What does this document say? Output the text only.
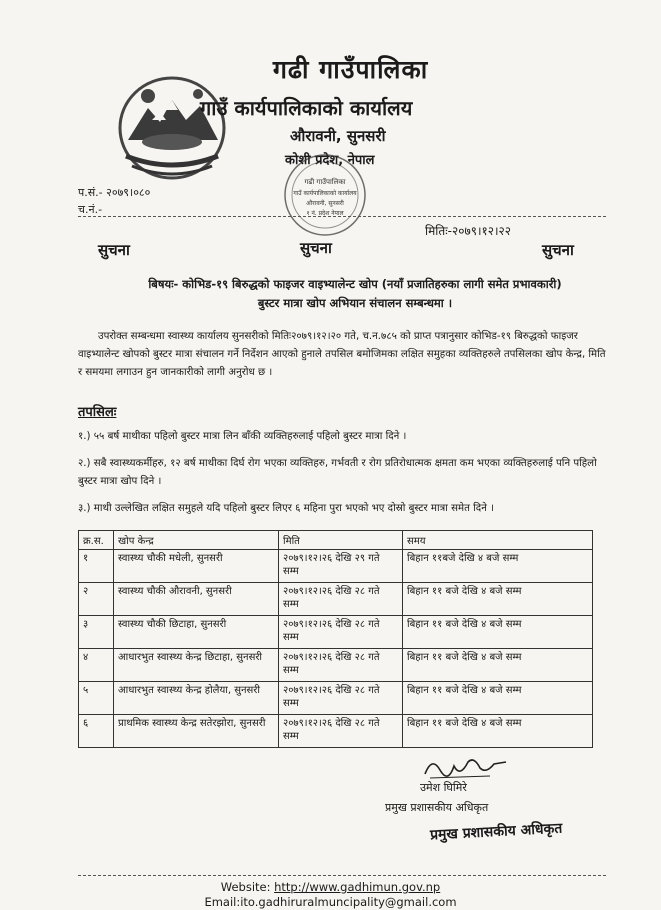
गढी गाउँपालिका
गाउँ कार्यपालिकाको कार्यालय
औरावनी, सुनसरी
कोशी प्रदेश, नेपाल
गढी गाउँपालिका
गाउँ कार्यपालिकाको कार्यालय
औरावनी, सुनसरी
१ नं. प्रदेश नेपाल
प.सं.- २०७९।०८०
च.नं.-
मितिः-२०७९।१२।२२
सुचना	सुचना	सुचना
बिषयः- कोभिड-१९ बिरुद्धको फाइजर वाइभ्यालेन्ट खोप (नयाँ प्रजातिहरुका लागी समेत प्रभावकारी)
बुस्टर मात्रा खोप अभियान संचालन सम्बन्धमा ।
उपरोक्त सम्बन्धमा स्वास्थ्य कार्यालय सुनसरीको मितिः२०७९।१२।२० गते, च.न.७८५ को प्राप्त पत्रानुसार कोभिड-१९ बिरुद्धको फाइजर वाइभ्यालेन्ट खोपको बुस्टर मात्रा संचालन गर्ने निर्देशन आएको हुनाले तपसिल बमोजिमका लक्षित समुहका व्यक्तिहरुले तपसिलका खोप केन्द्र, मिति र समयमा लगाउन हुन जानकारीको लागी अनुरोध छ ।
तपसिलः
१.) ५५ बर्ष माथीका पहिलो बुस्टर मात्रा लिन बाँकी व्यक्तिहरुलाई पहिलो बुस्टर मात्रा दिने ।
२.) सबै स्वास्थ्यकर्मीहरु, १२ बर्ष माथीका दिर्घ रोग भएका व्यक्तिहरु, गर्भवती र रोग प्रतिरोधात्मक क्षमता कम भएका व्यक्तिहरुलाई पनि पहिलो बुस्टर मात्रा खोप दिने ।
३.) माथी उल्लेखित लक्षित समुहले यदि पहिलो बुस्टर लिएर ६ महिना पुरा भएको भए दोस्रो बुस्टर मात्रा समेत दिने ।
क्र.स.	खोप केन्द्र	मिति	समय
१	स्वास्थ्य चौकी मधेली, सुनसरी	२०७९।१२।२६ देखि २९ गते सम्म	बिहान ११बजे देखि ४ बजे सम्म
२	स्वास्थ्य चौकी औरावनी, सुनसरी	२०७९।१२।२६ देखि २८ गते सम्म	बिहान ११ बजे देखि ४ बजे सम्म
३	स्वास्थ्य चौकी छिटाहा, सुनसरी	२०७९।१२।२६ देखि २८ गते सम्म	बिहान ११ बजे देखि ४ बजे सम्म
४	आधारभुत स्वास्थ्य केन्द्र छिटाहा, सुनसरी	२०७९।१२।२६ देखि २८ गते सम्म	बिहान ११ बजे देखि ४ बजे सम्म
५	आधारभुत स्वास्थ्य केन्द्र होलैया, सुनसरी	२०७९।१२।२६ देखि २८ गते सम्म	बिहान ११ बजे देखि ४ बजे सम्म
६	प्राथमिक स्वास्थ्य केन्द्र सतेरझोरा, सुनसरी	२०७९।१२।२६ देखि २८ गते सम्म	बिहान ११ बजे देखि ४ बजे सम्म
उमेश घिमिरे
प्रमुख प्रशासकीय अधिकृत
प्रमुख प्रशासकीय अधिकृत
Website: http://www.gadhimun.gov.np
Email:ito.gadhiruralmuncipality@gmail.com
